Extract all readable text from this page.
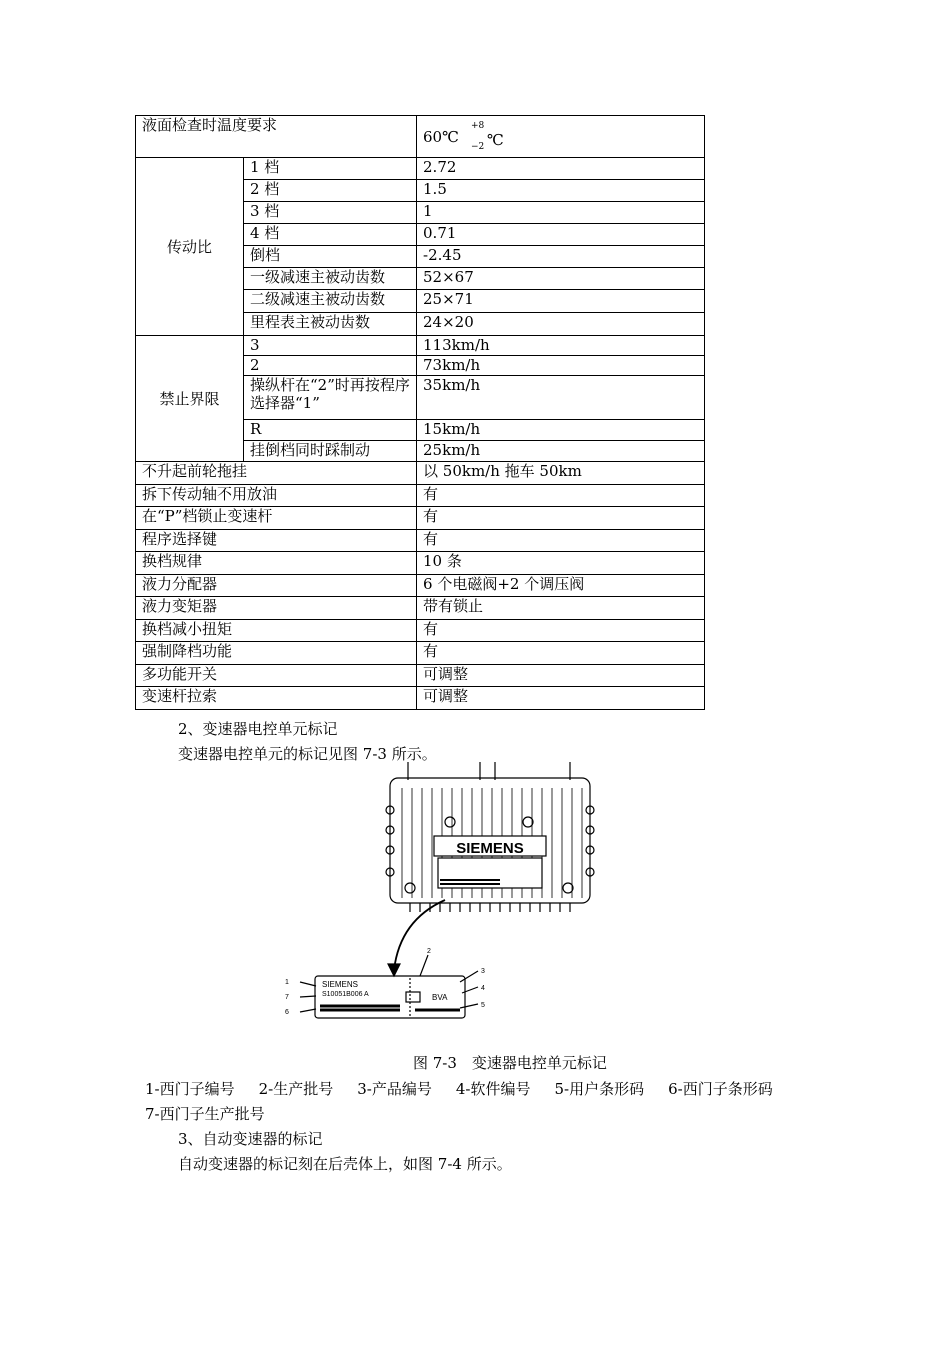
液面检查时温度要求		60℃
+8
−2 ℃

传动比	1 档	2.72
	2 档	1.5
	3 档	1
	4 档	0.71
	倒档	-2.45
	一级减速主被动齿数	52×67
	二级减速主被动齿数	25×71
	里程表主被动齿数	24×20
禁止界限	3	113km/h
	2	73km/h
	操纵杆在“2”时再按程序选择器“1”	35km/h
	R	15km/h
	挂倒档同时踩制动	25km/h
不升起前轮拖挂		以 50km/h 拖车 50km
拆下传动轴不用放油		有
在“P”档锁止变速杆		有
程序选择键		有
换档规律		10 条
液力分配器		6 个电磁阀+2 个调压阀
液力变矩器		带有锁止
换档减小扭矩		有
强制降档功能		有
多功能开关		可调整
变速杆拉索		可调整
2、变速器电控单元标记
变速器电控单元的标记见图 7-3 所示。
SIEMENS
SIEMENS
S10051B006 A	BVA
1
2
3
4
5
6
7
图 7-3　变速器电控单元标记
1-西门子编号 2-生产批号 3-产品编号 4-软件编号 5-用户条形码 6-西门子条形码7-西门子生产批号
3、自动变速器的标记
自动变速器的标记刻在后壳体上，如图 7-4 所示。
